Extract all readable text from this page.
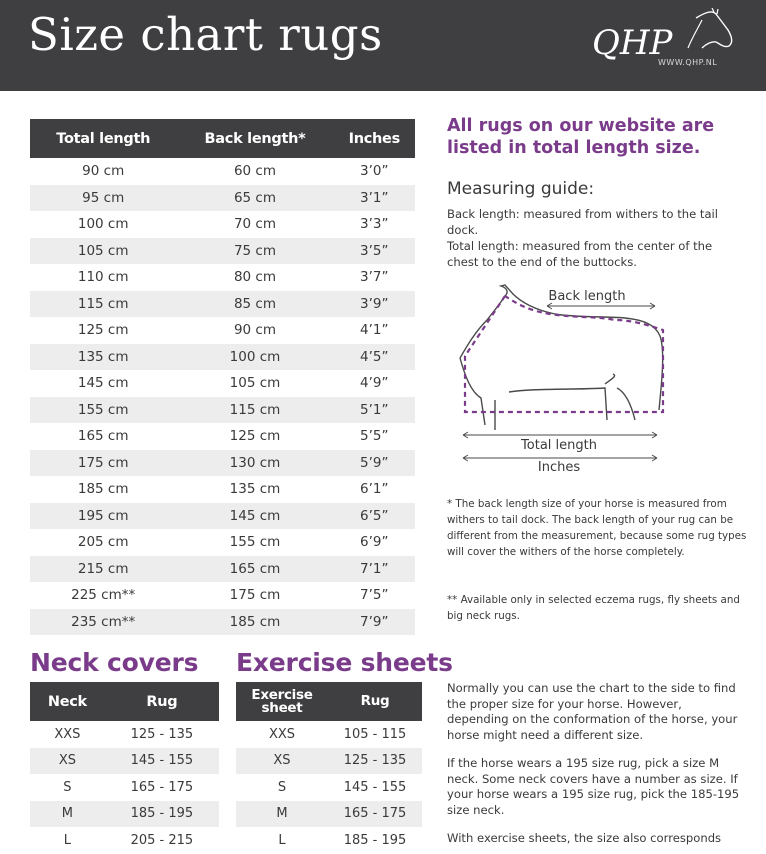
Size chart rugs	QHP
WWW.QHP.NL
Total length	Back length*	Inches
90 cm	60 cm	3’0”
95 cm	65 cm	3’1”
100 cm	70 cm	3’3”
105 cm	75 cm	3’5”
110 cm	80 cm	3’7”
115 cm	85 cm	3’9”
125 cm	90 cm	4’1”
135 cm	100 cm	4’5”
145 cm	105 cm	4’9”
155 cm	115 cm	5’1”
165 cm	125 cm	5’5”
175 cm	130 cm	5’9”
185 cm	135 cm	6’1”
195 cm	145 cm	6’5”
205 cm	155 cm	6’9”
215 cm	165 cm	7’1”
225 cm**	175 cm	7’5”
235 cm**	185 cm	7’9”
Neck covers
Neck	Rug
XXS	125 - 135
XS	145 - 155
S	165 - 175
M	185 - 195
L	205 - 215
Exercise sheets
Exercise sheet	Rug
XXS	105 - 115
XS	125 - 135
S	145 - 155
M	165 - 175
L	185 - 195
All rugs on our website are listed in total length size.
Measuring guide:
Back length: measured from withers to the tail dock.
Total length: measured from the center of the chest to the end of the buttocks.
Back length
Total length
Inches
* The back length size of your horse is measured from withers to tail dock. The back length of your rug can be different from the measurement, because some rug types will cover the withers of the horse completely.
** Available only in selected eczema rugs, fly sheets and big neck rugs.
Normally you can use the chart to the side to find the proper size for your horse. However, depending on the conformation of the horse, your horse might need a different size.
If the horse wears a 195 size rug, pick a size M neck. Some neck covers have a number as size. If your horse wears a 195 size rug, pick the 185-195 size neck.
With exercise sheets, the size also corresponds
